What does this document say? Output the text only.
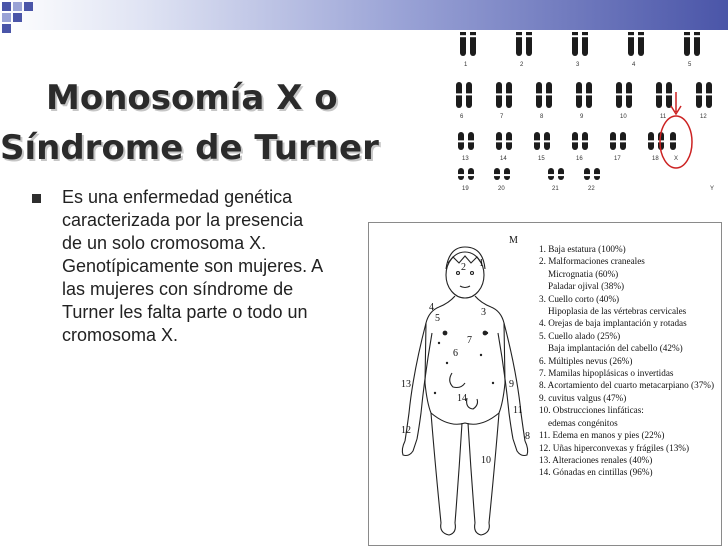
Monosomía X o
Síndrome de Turner
Es una enfermedad genética caracterizada por la presencia de un solo cromosoma X. Genotípicamente son mujeres. A las mujeres con síndrome de Turner les falta parte o todo un cromosoma X.
1	2	3	4	5
6	7	8	9	10	11	12
13	14	15	16	17	18	X
19	20	21	22	Y
M
1
2
3
4
5
6
7
8
9
10
11
12
13
14
1. Baja estatura (100%)
2. Malformaciones craneales
Micrognatia (60%)
Paladar ojival (38%)
3. Cuello corto (40%)
Hipoplasia de las vértebras cervicales
4. Orejas de baja implantación y rotadas
5. Cuello alado (25%)
Baja implantación del cabello (42%)
6. Múltiples nevus (26%)
7. Mamilas hipoplásicas o invertidas
8. Acortamiento del cuarto metacarpiano (37%)
9. cuvitus valgus (47%)
10. Obstrucciones linfáticas:
edemas congénitos
11. Edema en manos y pies (22%)
12. Uñas hiperconvexas y frágiles (13%)
13. Alteraciones renales (40%)
14. Gónadas en cintillas (96%)
